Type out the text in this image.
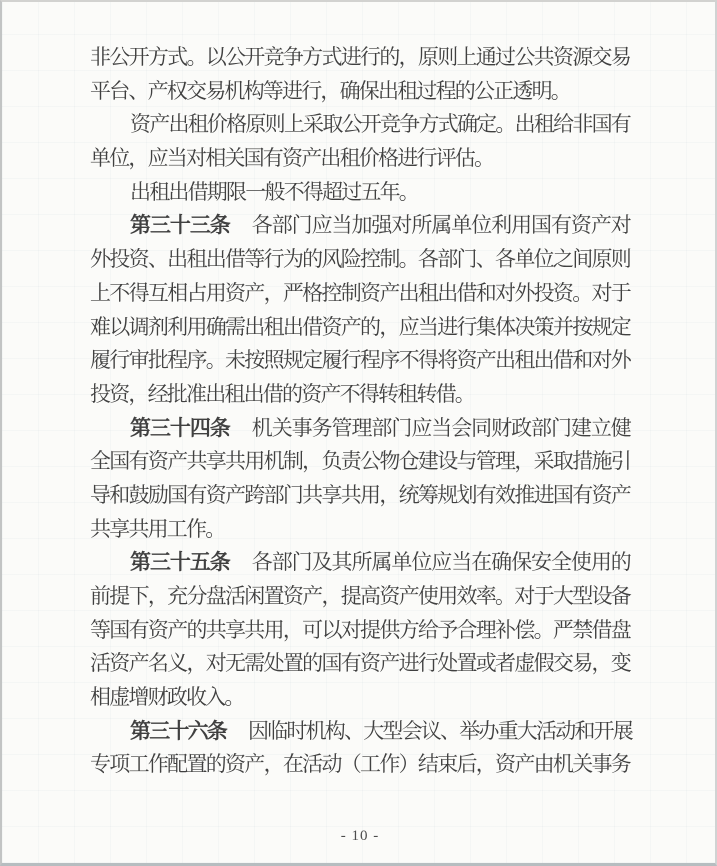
非公开方式。以公开竞争方式进行的，原则上通过公共资源交易
平台、产权交易机构等进行，确保出租过程的公正透明。
资产出租价格原则上采取公开竞争方式确定。出租给非国有
单位，应当对相关国有资产出租价格进行评估。
出租出借期限一般不得超过五年。
第三十三条 各部门应当加强对所属单位利用国有资产对
外投资、出租出借等行为的风险控制。各部门、各单位之间原则
上不得互相占用资产，严格控制资产出租出借和对外投资。对于
难以调剂利用确需出租出借资产的，应当进行集体决策并按规定
履行审批程序。未按照规定履行程序不得将资产出租出借和对外
投资，经批准出租出借的资产不得转租转借。
第三十四条 机关事务管理部门应当会同财政部门建立健
全国有资产共享共用机制，负责公物仓建设与管理，采取措施引
导和鼓励国有资产跨部门共享共用，统筹规划有效推进国有资产
共享共用工作。
第三十五条 各部门及其所属单位应当在确保安全使用的
前提下，充分盘活闲置资产，提高资产使用效率。对于大型设备
等国有资产的共享共用，可以对提供方给予合理补偿。严禁借盘
活资产名义，对无需处置的国有资产进行处置或者虚假交易，变
相虚增财政收入。
第三十六条 因临时机构、大型会议、举办重大活动和开展
专项工作配置的资产，在活动（工作）结束后，资产由机关事务
- 10 -
